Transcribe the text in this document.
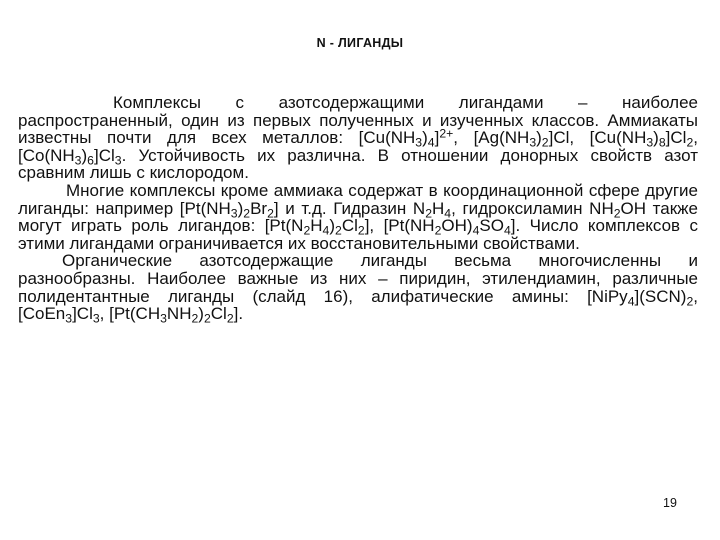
N - ЛИГАНДЫ

Комплексы с азотсодержащими лигандами – наиболее распространенный, один из первых полученных и изученных классов. Аммиакаты известны почти для всех металлов: $[Cu(NH_3)_4]^{2+}$, $[Ag(NH_3)_2]Cl$, $[Cu(NH_3)_8]Cl_2$, $[Co(NH_3)_6]Cl_3$. Устойчивость их различна. В отношении донорных свойств азот сравним лишь с кислородом.

Многие комплексы кроме аммиака содержат в координационной сфере другие лиганды: например $[Pt(NH_3)_2Br_2]$ и т.д. Гидразин $N_2H_4$, гидроксиламин $NH_2OH$ также могут играть роль лигандов: $[Pt(N_2H_4)_2Cl_2]$, $[Pt(NH_2OH)_4SO_4]$. Число комплексов с этими лигандами ограничивается их восстановительными свойствами.

Органические азотсодержащие лиганды весьма многочисленны и разнообразны. Наиболее важные из них – пиридин, этилендиамин, различные полидентантные лиганды (слайд 16), алифатические амины: $[NiPy_4](SCN)_2$, $[CoEn_3]Cl_3$, $[Pt(CH_3NH_2)_2Cl_2]$.

19
